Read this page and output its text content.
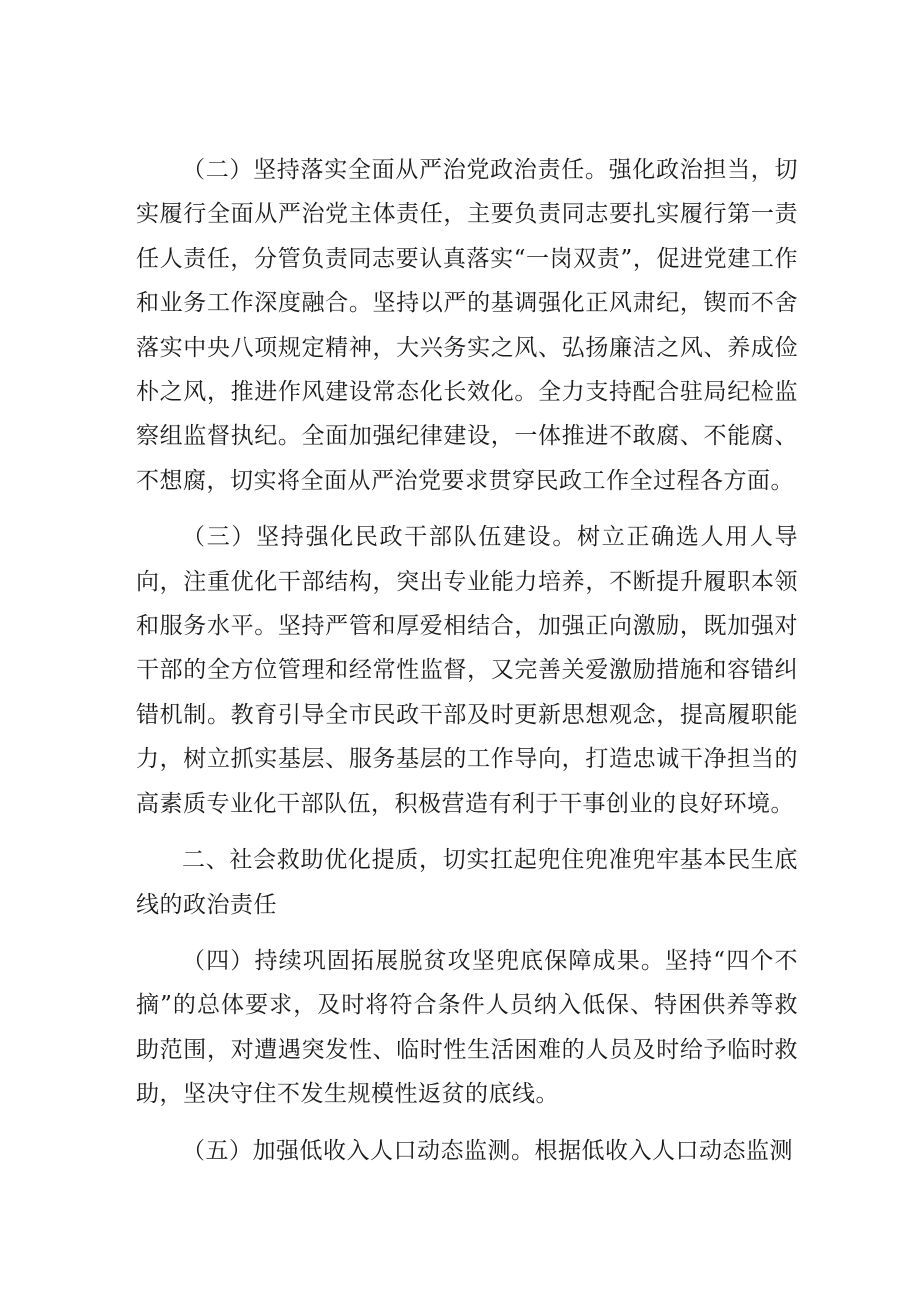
（二）坚持落实全面从严治党政治责任。强化政治担当，切实履行全面从严治党主体责任，主要负责同志要扎实履行第一责任人责任，分管负责同志要认真落实“一岗双责”，促进党建工作和业务工作深度融合。坚持以严的基调强化正风肃纪，锲而不舍落实中央八项规定精神，大兴务实之风、弘扬廉洁之风、养成俭朴之风，推进作风建设常态化长效化。全力支持配合驻局纪检监察组监督执纪。全面加强纪律建设，一体推进不敢腐、不能腐、不想腐，切实将全面从严治党要求贯穿民政工作全过程各方面。

（三）坚持强化民政干部队伍建设。树立正确选人用人导向，注重优化干部结构，突出专业能力培养，不断提升履职本领和服务水平。坚持严管和厚爱相结合，加强正向激励，既加强对干部的全方位管理和经常性监督，又完善关爱激励措施和容错纠错机制。教育引导全市民政干部及时更新思想观念，提高履职能力，树立抓实基层、服务基层的工作导向，打造忠诚干净担当的高素质专业化干部队伍，积极营造有利于干事创业的良好环境。

二、社会救助优化提质，切实扛起兜住兜准兜牢基本民生底线的政治责任

（四）持续巩固拓展脱贫攻坚兜底保障成果。坚持“四个不摘”的总体要求，及时将符合条件人员纳入低保、特困供养等救助范围，对遭遇突发性、临时性生活困难的人员及时给予临时救助，坚决守住不发生规模性返贫的底线。

（五）加强低收入人口动态监测。根据低收入人口动态监测
